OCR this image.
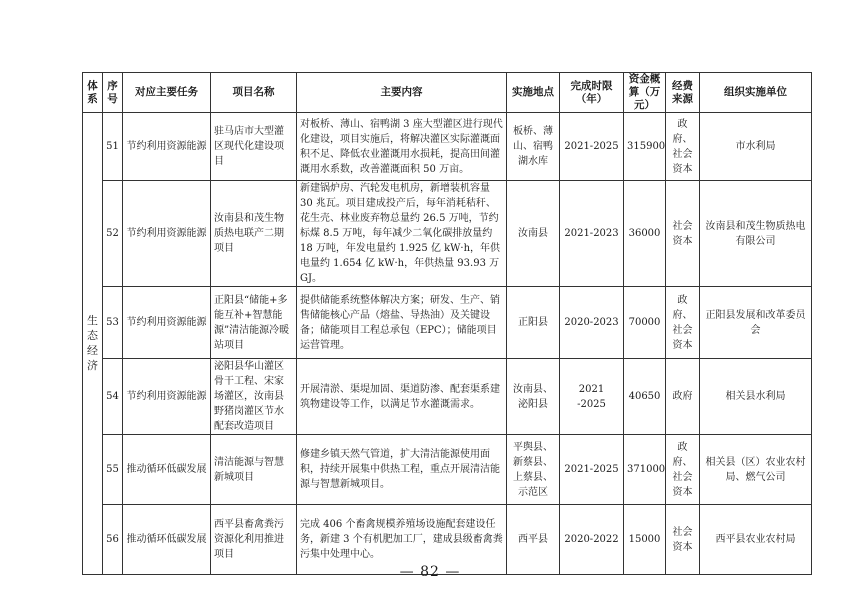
体系	序号	对应主要任务	项目名称	主要内容	实施地点	完成时限（年）	资金概算（万元）	经费来源	组织实施单位
生态经济	51	节约利用资源能源	驻马店市大型灌区现代化建设项目	对板桥、薄山、宿鸭湖 3 座大型灌区进行现代化建设，项目实施后，将解决灌区实际灌溉面积不足、降低农业灌溉用水损耗，提高田间灌溉用水系数，改善灌溉面积 50 万亩。	板桥、薄山、宿鸭湖水库	2021-2025	315900	政府、社会资本	市水利局
	52	节约利用资源能源	汝南县和茂生物质热电联产二期项目	新建锅炉房、汽轮发电机房，新增装机容量 30 兆瓦。项目建成投产后，每年消耗秸秆、花生壳、林业废弃物总量约 26.5 万吨，节约标煤 8.5 万吨，每年减少二氧化碳排放量约 18 万吨，年发电量约 1.925 亿 kW·h，年供电量约 1.654 亿 kW·h，年供热量 93.93 万 GJ。	汝南县	2021-2023	36000	社会资本	汝南县和茂生物质热电有限公司
	53	节约利用资源能源	正阳县“储能+多能互补+智慧能源”清洁能源冷暖站项目	提供储能系统整体解决方案；研发、生产、销售储能核心产品（熔盐、导热油）及关键设备；储能项目工程总承包（EPC）；储能项目运营管理。	正阳县	2020-2023	70000	政府、社会资本	正阳县发展和改革委员会
	54	节约利用资源能源	泌阳县华山灌区骨干工程、宋家场灌区，汝南县野猪岗灌区节水配套改造项目	开展清淤、渠堤加固、渠道防渗、配套渠系建筑物建设等工作，以满足节水灌溉需求。	汝南县、泌阳县	2021 -2025	40650	政府	相关县水利局
	55	推动循环低碳发展	清洁能源与智慧新城项目	修建乡镇天然气管道，扩大清洁能源使用面积，持续开展集中供热工程，重点开展清洁能源与智慧新城项目。	平舆县、新蔡县、上蔡县、示范区	2021-2025	371000	政府、社会资本	相关县（区）农业农村局、燃气公司
	56	推动循环低碳发展	西平县畜禽粪污资源化利用推进项目	完成 406 个畜禽规模养殖场设施配套建设任务，新建 3 个有机肥加工厂，建成县级畜禽粪污集中处理中心。	西平县	2020-2022	15000	社会资本	西平县农业农村局
— 82 —
